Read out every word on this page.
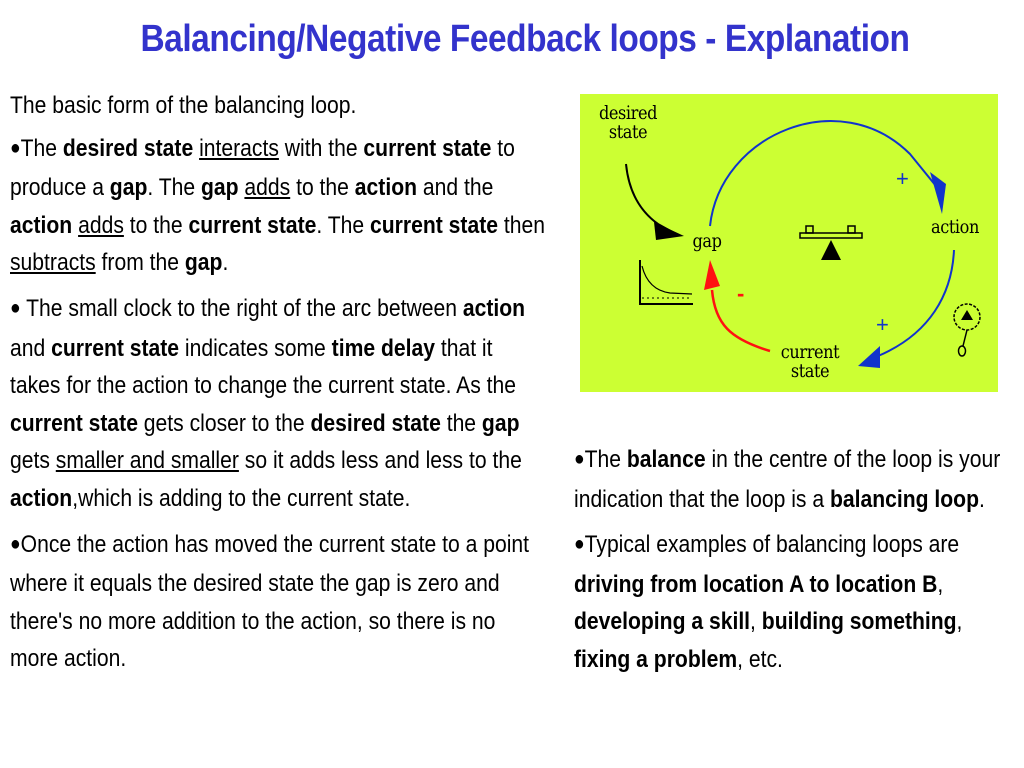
Balancing/Negative Feedback loops - Explanation

The basic form of the balancing loop.

●The desired state interacts with the current state to produce a gap. The gap adds to the action and the action adds to the current state. The current state then subtracts from the gap.

● The small clock to the right of the arc between action and current state indicates some time delay that it takes for the action to change the current state. As the current state gets closer to the desired state the gap gets smaller and smaller so it adds less and less to the action,which is adding to the current state.

●Once the action has moved the current state to a point where it equals the desired state the gap is zero and there's no more addition to the action, so there is no more action.

desired
state
gap
action
current
state
+
+
-

●The balance in the centre of the loop is your indication that the loop is a balancing loop.

●Typical examples of balancing loops are driving from location A to location B, developing a skill, building something, fixing a problem, etc.
